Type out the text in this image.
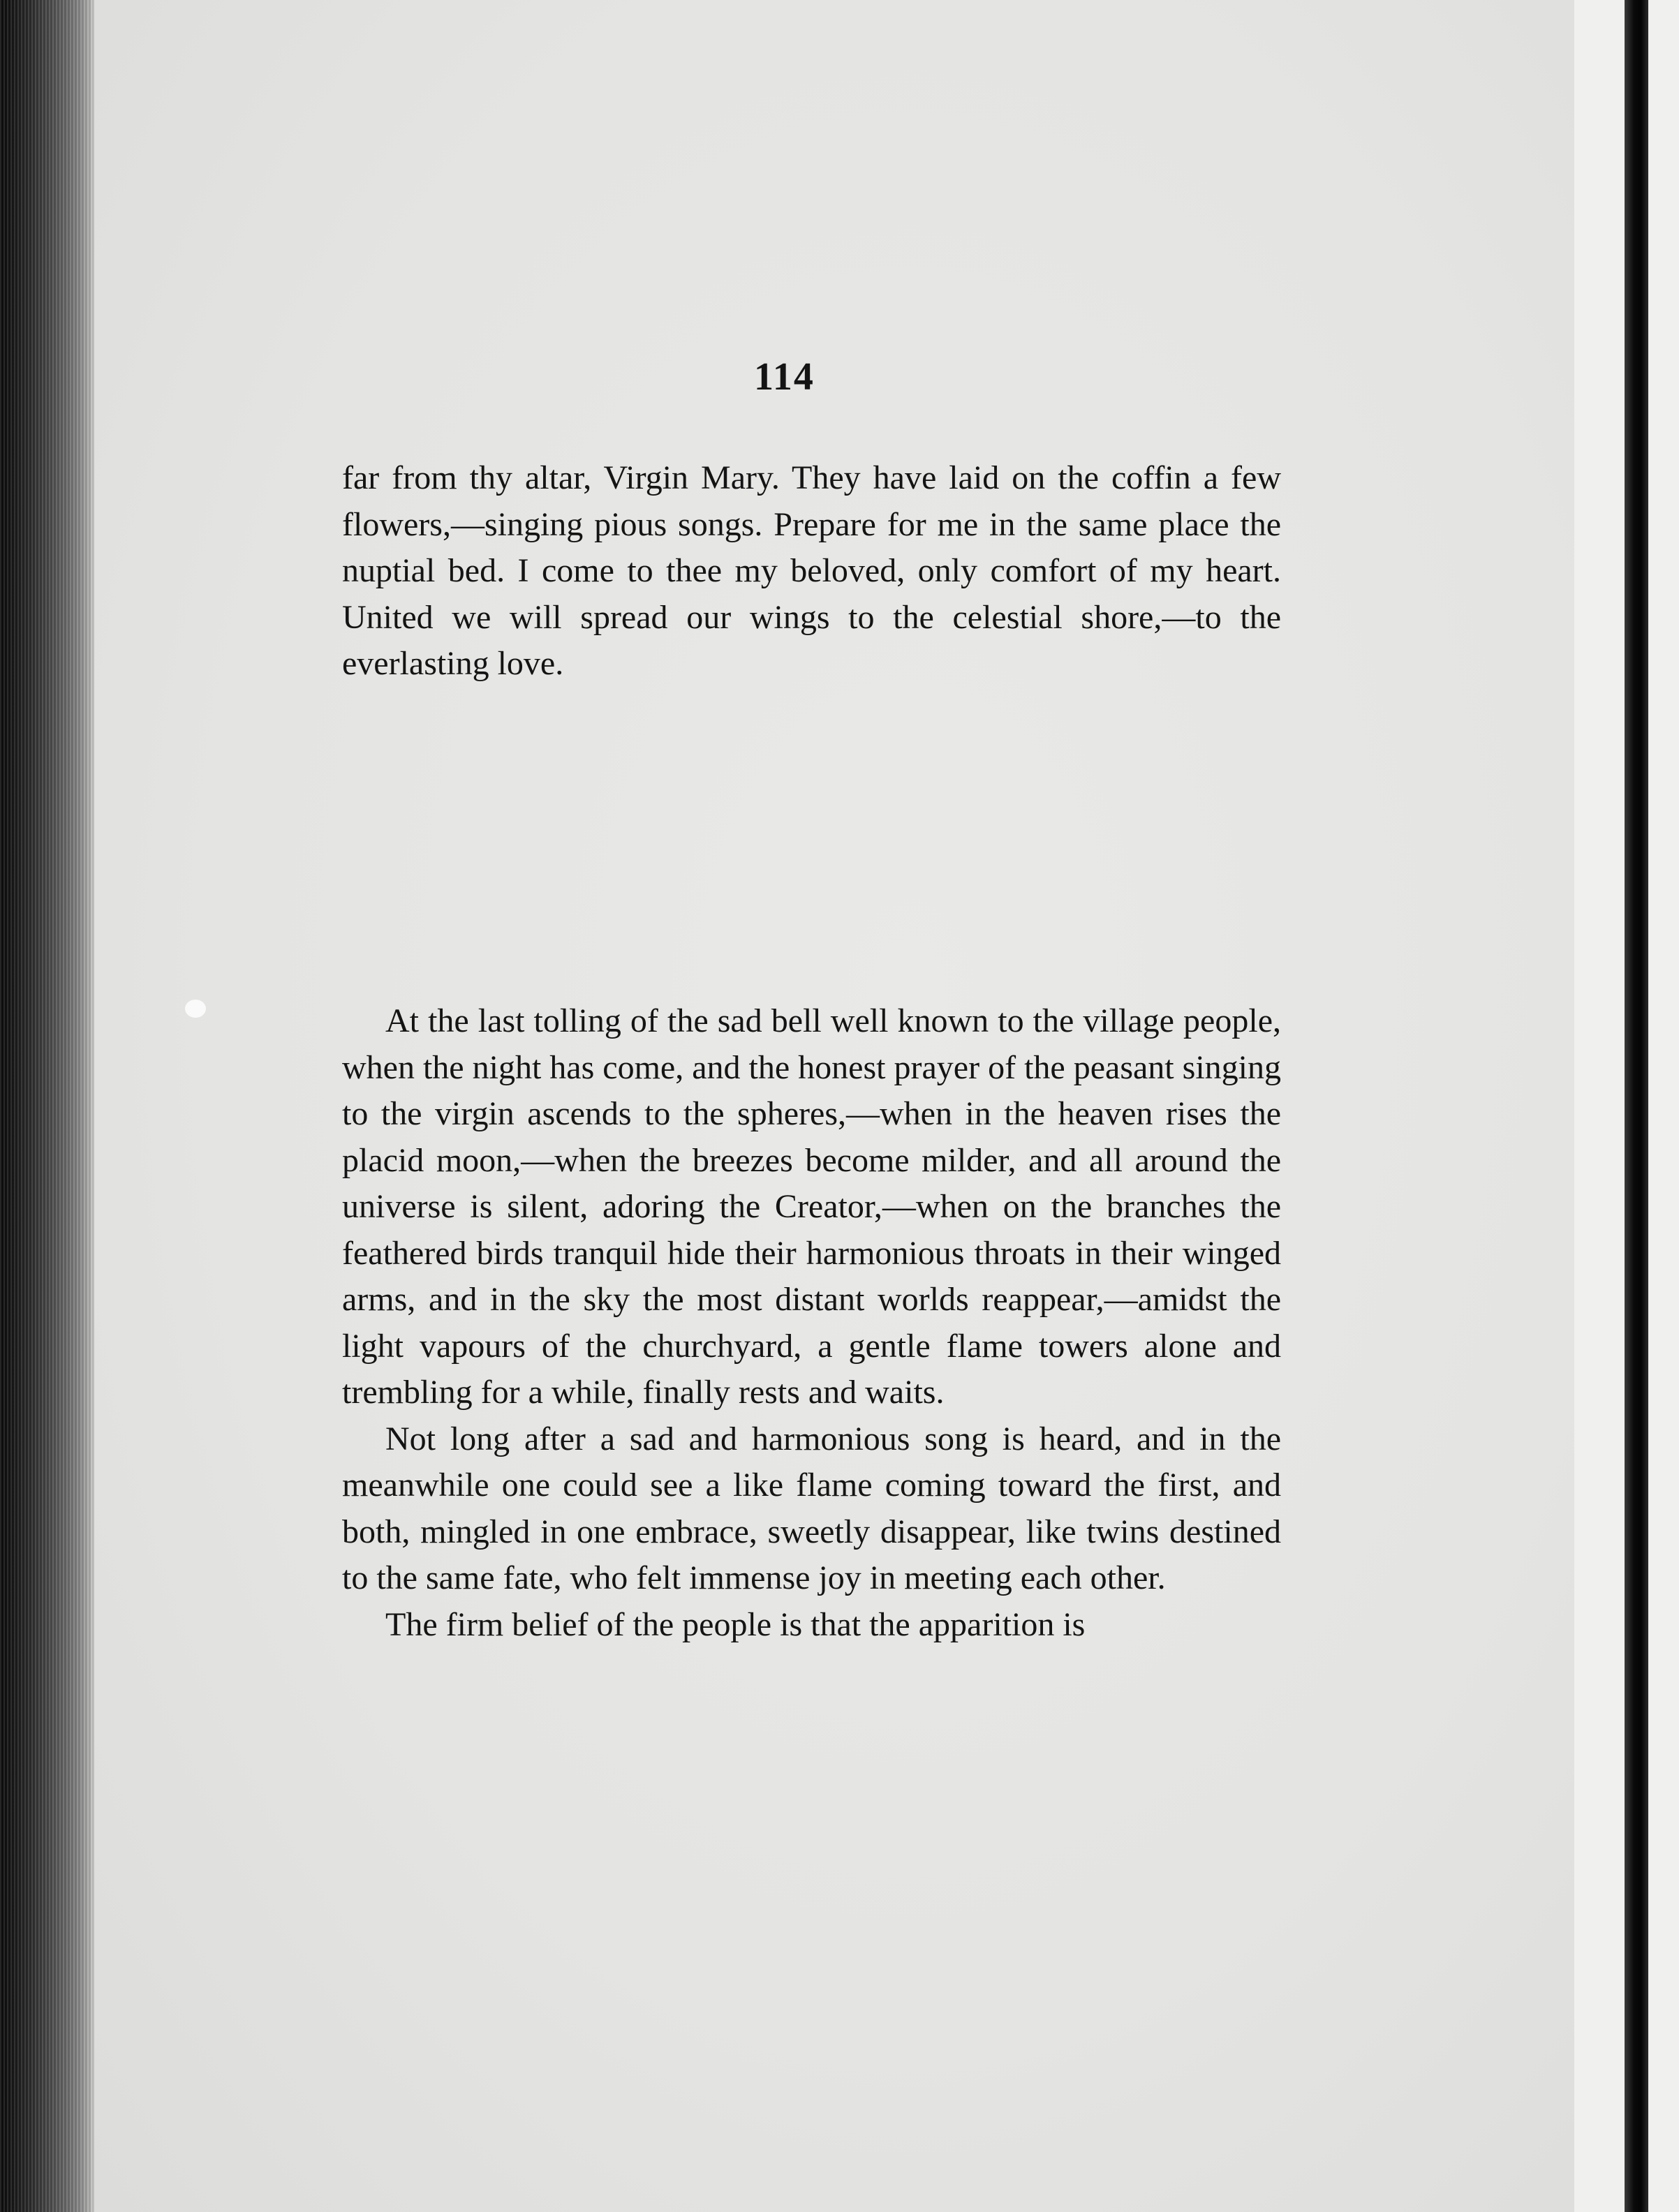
114

far from thy altar, Virgin Mary. They have laid on the coffin a few flowers,—singing pious songs. Prepare for me in the same place the nuptial bed. I come to thee my beloved, only comfort of my heart. United we will spread our wings to the celestial shore,—to the everlasting love.

At the last tolling of the sad bell well known to the village people, when the night has come, and the honest prayer of the peasant singing to the virgin ascends to the spheres,—when in the heaven rises the placid moon,—when the breezes become milder, and all around the universe is silent, adoring the Creator,—when on the branches the feathered birds tranquil hide their harmonious throats in their winged arms, and in the sky the most distant worlds reappear,—amidst the light vapours of the churchyard, a gentle flame towers alone and trembling for a while, finally rests and waits.

Not long after a sad and harmonious song is heard, and in the meanwhile one could see a like flame coming toward the first, and both, mingled in one embrace, sweetly disappear, like twins destined to the same fate, who felt immense joy in meeting each other.

The firm belief of the people is that the apparition is
